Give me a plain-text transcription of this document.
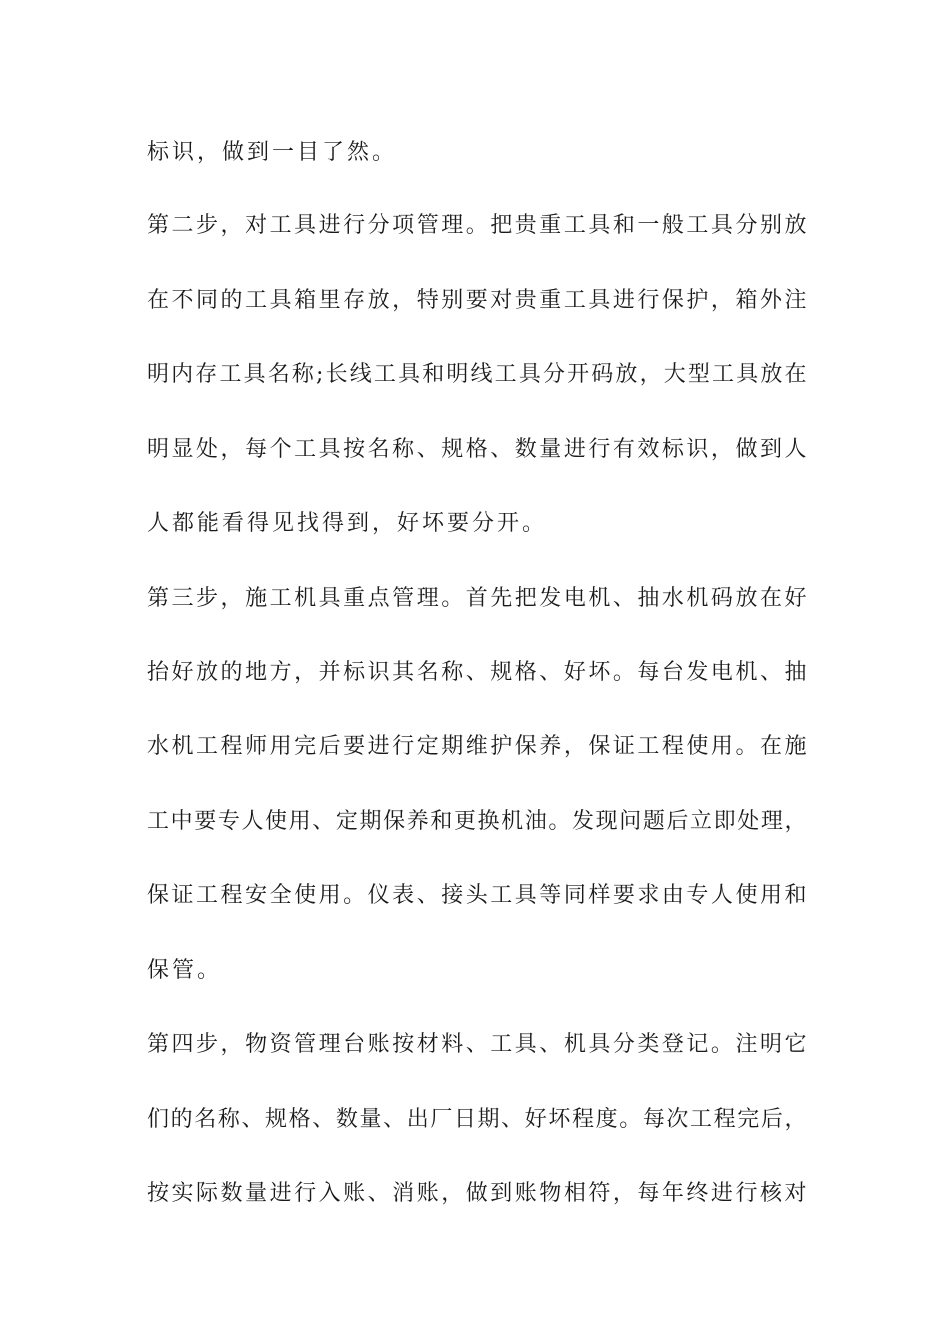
标识，做到一目了然。
第二步，对工具进行分项管理。把贵重工具和一般工具分别放
在不同的工具箱里存放，特别要对贵重工具进行保护，箱外注
明内存工具名称;长线工具和明线工具分开码放，大型工具放在
明显处，每个工具按名称、规格、数量进行有效标识，做到人
人都能看得见找得到，好坏要分开。
第三步，施工机具重点管理。首先把发电机、抽水机码放在好
抬好放的地方，并标识其名称、规格、好坏。每台发电机、抽
水机工程师用完后要进行定期维护保养，保证工程使用。在施
工中要专人使用、定期保养和更换机油。发现问题后立即处理，
保证工程安全使用。仪表、接头工具等同样要求由专人使用和
保管。
第四步，物资管理台账按材料、工具、机具分类登记。注明它
们的名称、规格、数量、出厂日期、好坏程度。每次工程完后，
按实际数量进行入账、消账，做到账物相符，每年终进行核对
